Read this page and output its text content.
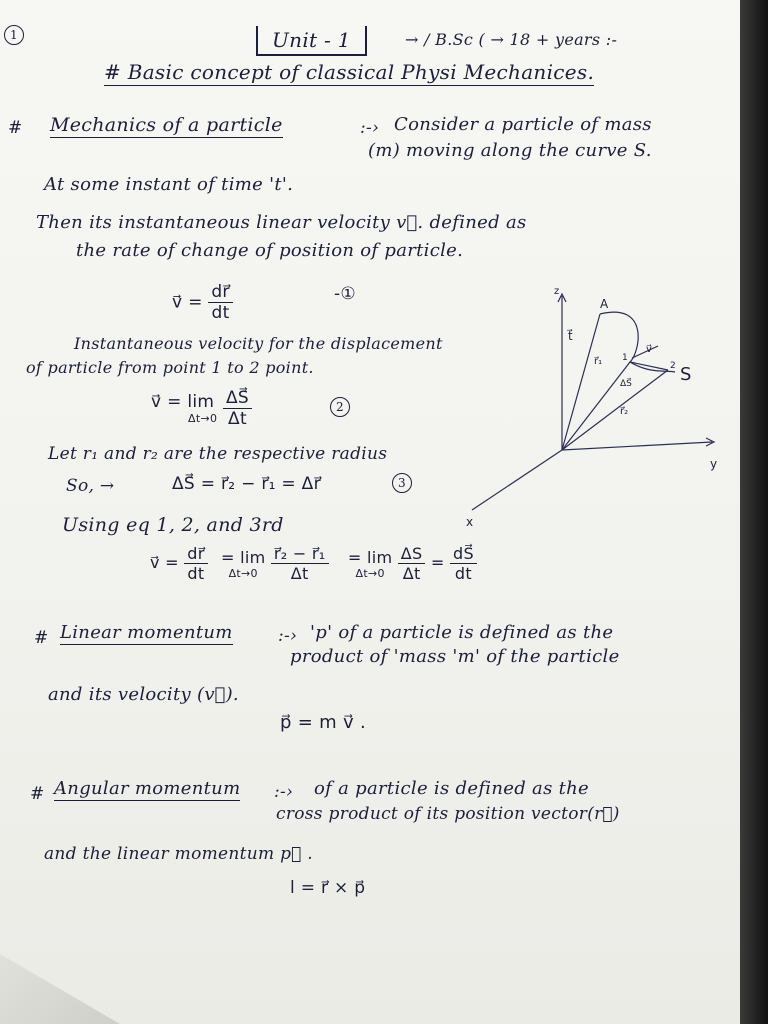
1	Unit - 1	→ / B.Sc ( → 18 + years :-
# Basic concept of classical Physi Mechanices.
# Mechanics of a particle	:-› Consider a particle of mass
(m) moving along the curve S.
At some instant of time 't'.
Then its instantaneous linear velocity v⃗. defined as
the rate of change of position of particle.
v⃗ = $\frac{dr⃗}{dt}$	-①
Instantaneous velocity for the displacement
of particle from point 1 to 2 point.
v⃗ = lim
Δt→0
$\frac{\Delta S⃗}{\Delta t}$	2
Let r₁ and r₂ are the respective radius
So, →	ΔS⃗ = r⃗₂ − r⃗₁ = Δr⃗	3
Using eq 1, 2, and 3rd
v⃗ = $\frac{dr⃗}{dt}$
= lim
Δt→0
$\frac{\text{r⃗₂ − r⃗₁}}{\Delta t}$
= lim
Δt→0
$\frac{\Delta S}{\Delta t} = \frac{dS⃗}{dt}$
z
y
x
A
t⃗
S
r⃗₁
r⃗₂
ΔS⃗
v⃗
1
2
# Linear momentum	:-› 'p' of a particle is defined as the
product of 'mass 'm' of the particle
and its velocity (v⃗).
p⃗ = m v⃗ .
# Angular momentum :-› of a particle is defined as the
cross product of its position vector(r⃗)
and the linear momentum p⃗ .
l = r⃗ × p⃗
